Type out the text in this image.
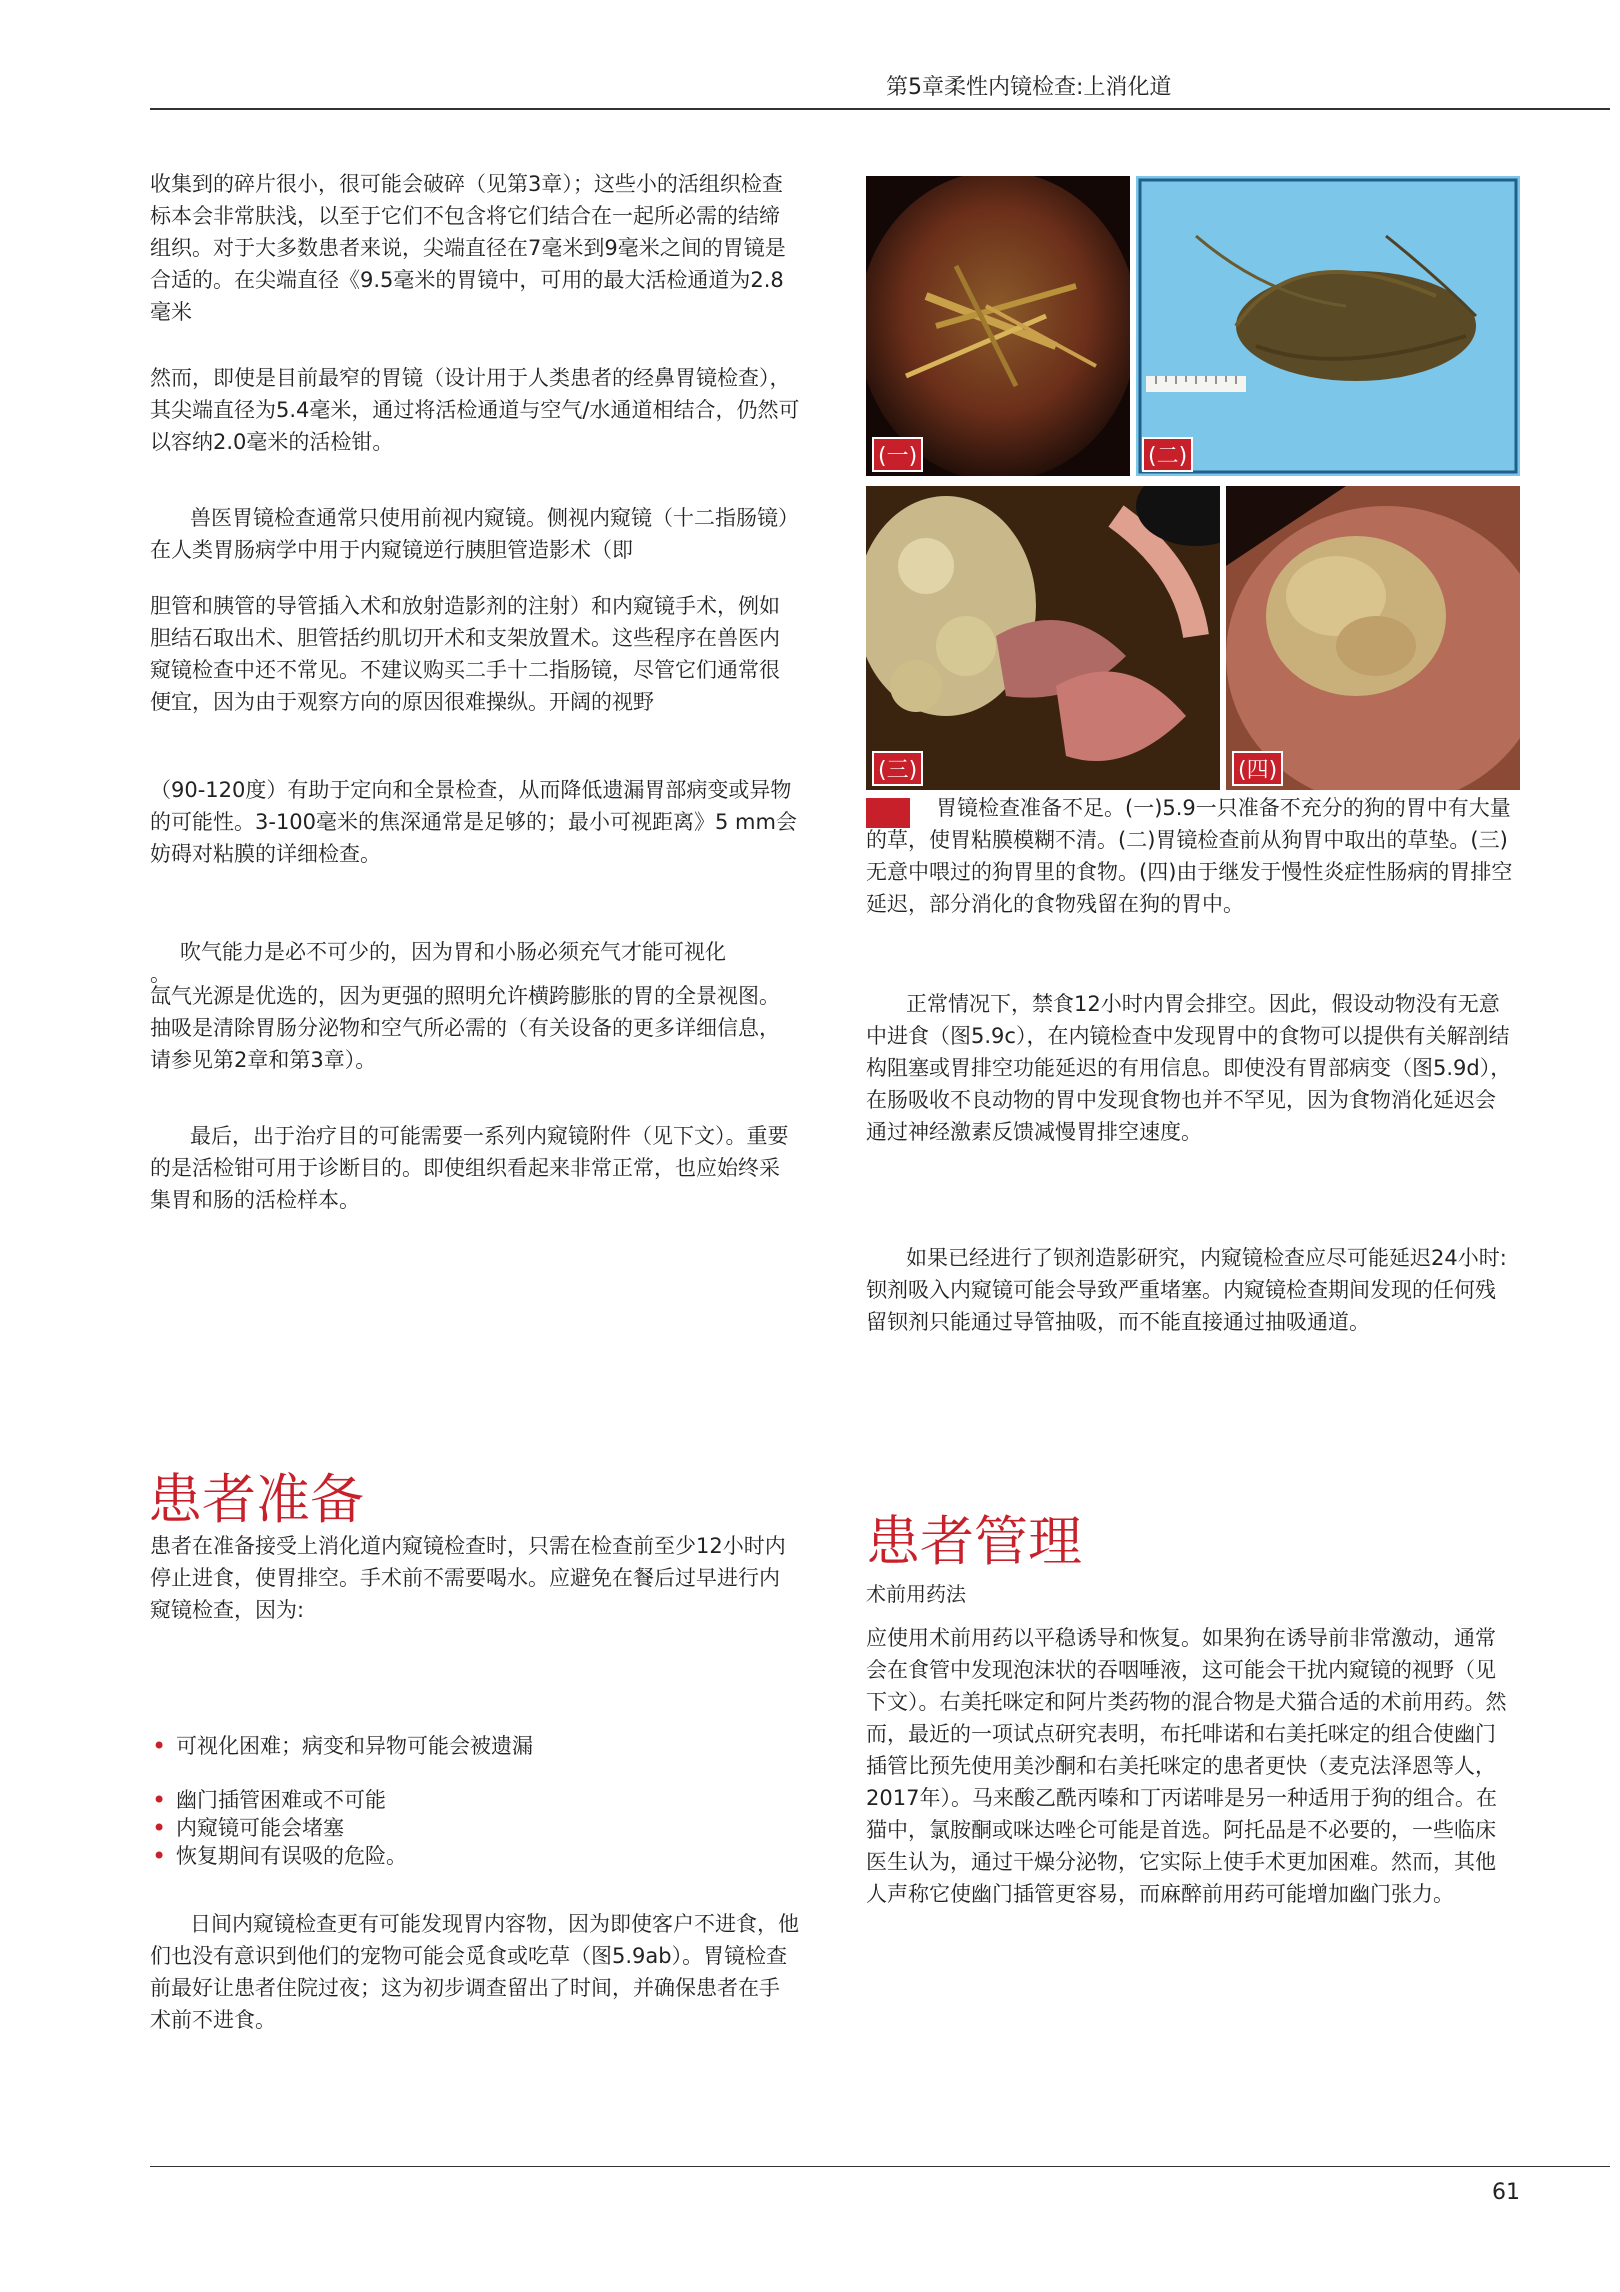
第5章柔性内镜检查:上消化道

收集到的碎片很小，很可能会破碎（见第3章）；这些小的活组织检查标本会非常肤浅，以至于它们不包含将它们结合在一起所必需的结缔组织。对于大多数患者来说，尖端直径在7毫米到9毫米之间的胃镜是合适的。在尖端直径《9.5毫米的胃镜中，可用的最大活检通道为2.8毫米

然而，即使是目前最窄的胃镜（设计用于人类患者的经鼻胃镜检查），其尖端直径为5.4毫米，通过将活检通道与空气/水通道相结合，仍然可以容纳2.0毫米的活检钳。

兽医胃镜检查通常只使用前视内窥镜。侧视内窥镜（十二指肠镜）在人类胃肠病学中用于内窥镜逆行胰胆管造影术（即

胆管和胰管的导管插入术和放射造影剂的注射）和内窥镜手术，例如胆结石取出术、胆管括约肌切开术和支架放置术。这些程序在兽医内窥镜检查中还不常见。不建议购买二手十二指肠镜，尽管它们通常很便宜，因为由于观察方向的原因很难操纵。开阔的视野

（90-120度）有助于定向和全景检查，从而降低遗漏胃部病变或异物的可能性。3-100毫米的焦深通常是足够的；最小可视距离》5 mm会妨碍对粘膜的详细检查。

吹气能力是必不可少的，因为胃和小肠必须充气才能可视化

。

氙气光源是优选的，因为更强的照明允许横跨膨胀的胃的全景视图。抽吸是清除胃肠分泌物和空气所必需的（有关设备的更多详细信息，请参见第2章和第3章）。

最后，出于治疗目的可能需要一系列内窥镜附件（见下文）。重要的是活检钳可用于诊断目的。即使组织看起来非常正常，也应始终采集胃和肠的活检样本。

患者准备

患者在准备接受上消化道内窥镜检查时，只需在检查前至少12小时内停止进食，使胃排空。手术前不需要喝水。应避免在餐后过早进行内窥镜检查，因为:

• 可视化困难；病变和异物可能会被遗漏
• 幽门插管困难或不可能
• 内窥镜可能会堵塞
• 恢复期间有误吸的危险。

日间内窥镜检查更有可能发现胃内容物，因为即使客户不进食，他们也没有意识到他们的宠物可能会觅食或吃草（图5.9ab）。胃镜检查前最好让患者住院过夜；这为初步调查留出了时间，并确保患者在手术前不进食。

(一)	(二)
(三)	(四)

胃镜检查准备不足。(一)5.9一只准备不充分的狗的胃中有大量的草，使胃粘膜模糊不清。(二)胃镜检查前从狗胃中取出的草垫。(三)无意中喂过的狗胃里的食物。(四)由于继发于慢性炎症性肠病的胃排空延迟，部分消化的食物残留在狗的胃中。

正常情况下，禁食12小时内胃会排空。因此，假设动物没有无意中进食（图5.9c），在内镜检查中发现胃中的食物可以提供有关解剖结构阻塞或胃排空功能延迟的有用信息。即使没有胃部病变（图5.9d），在肠吸收不良动物的胃中发现食物也并不罕见，因为食物消化延迟会通过神经激素反馈减慢胃排空速度。

如果已经进行了钡剂造影研究，内窥镜检查应尽可能延迟24小时:钡剂吸入内窥镜可能会导致严重堵塞。内窥镜检查期间发现的任何残留钡剂只能通过导管抽吸，而不能直接通过抽吸通道。

患者管理
术前用药法

应使用术前用药以平稳诱导和恢复。如果狗在诱导前非常激动，通常会在食管中发现泡沫状的吞咽唾液，这可能会干扰内窥镜的视野（见下文）。右美托咪定和阿片类药物的混合物是犬猫合适的术前用药。然而，最近的一项试点研究表明，布托啡诺和右美托咪定的组合使幽门插管比预先使用美沙酮和右美托咪定的患者更快（麦克法泽恩等人，2017年）。马来酸乙酰丙嗪和丁丙诺啡是另一种适用于狗的组合。在猫中，氯胺酮或咪达唑仑可能是首选。阿托品是不必要的，一些临床医生认为，通过干燥分泌物，它实际上使手术更加困难。然而，其他人声称它使幽门插管更容易，而麻醉前用药可能增加幽门张力。

61
